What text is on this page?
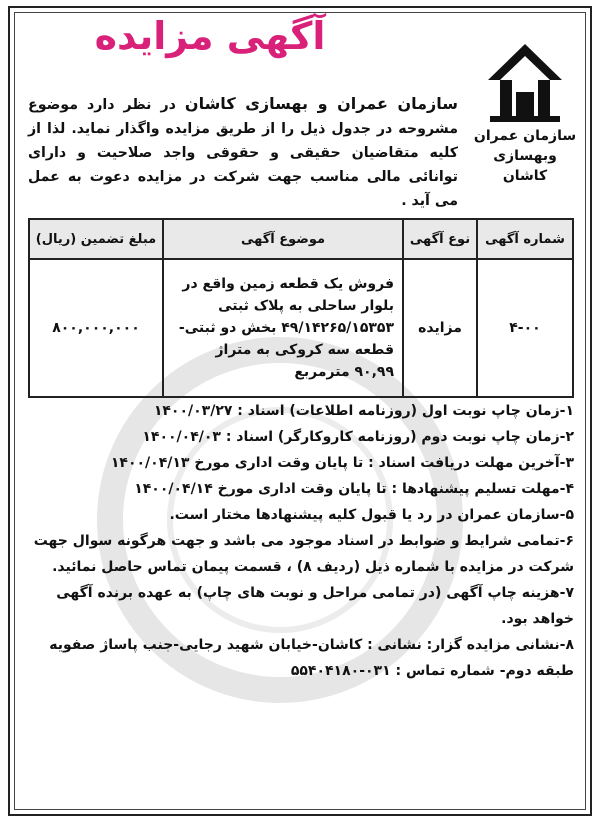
آگهی مزایده
سازمان عمران
وبهسازی کاشان
سازمان عمران و بهسازی کاشان در نظر دارد موضوع مشروحه در جدول ذیل را از طریق مزایده واگذار نماید. لذا از کلیه متقاضیان حقیقی و حقوقی واجد صلاحیت و دارای توانائی مالی مناسب جهت شرکت در مزایده دعوت به عمل می آید .
شماره آگهی	نوع آگهی	موضوع آگهی	مبلغ تضمین (ریال)
۴-۰۰	مزایده	فروش یک قطعه زمین واقع در بلوار ساحلی به پلاک ثبتی ۴۹/۱۴۲۶۵/۱۵۳۵۳ بخش دو ثبتی-قطعه سه کروکی به متراژ ۹۰,۹۹ مترمربع	۸۰۰,۰۰۰,۰۰۰

۱-زمان چاپ نوبت اول (روزنامه اطلاعات) اسناد : ۱۴۰۰/۰۳/۲۷

۲-زمان چاپ نوبت دوم (روزنامه کاروکارگر) اسناد : ۱۴۰۰/۰۴/۰۳

۳-آخرین مهلت دریافت اسناد : تا پایان وقت اداری مورخ ۱۴۰۰/۰۴/۱۳

۴-مهلت تسلیم پیشنهادها : تا پایان وقت اداری مورخ ۱۴۰۰/۰۴/۱۴

۵-سازمان عمران در رد یا قبول کلیه پیشنهادها مختار است.

۶-تمامی شرایط و ضوابط در اسناد موجود می باشد و جهت هرگونه سوال جهت شرکت در مزایده با شماره ذیل (ردیف ۸) ، قسمت پیمان تماس حاصل نمائید.

۷-هزینه چاپ آگهی (در تمامی مراحل و نوبت های چاپ) به عهده برنده آگهی خواهد بود.

۸-نشانی مزایده گزار: نشانی : کاشان-خیابان شهید رجایی-جنب پاساژ صفویه طبقه دوم- شماره تماس : ۰۳۱-۵۵۴۰۴۱۸۰
